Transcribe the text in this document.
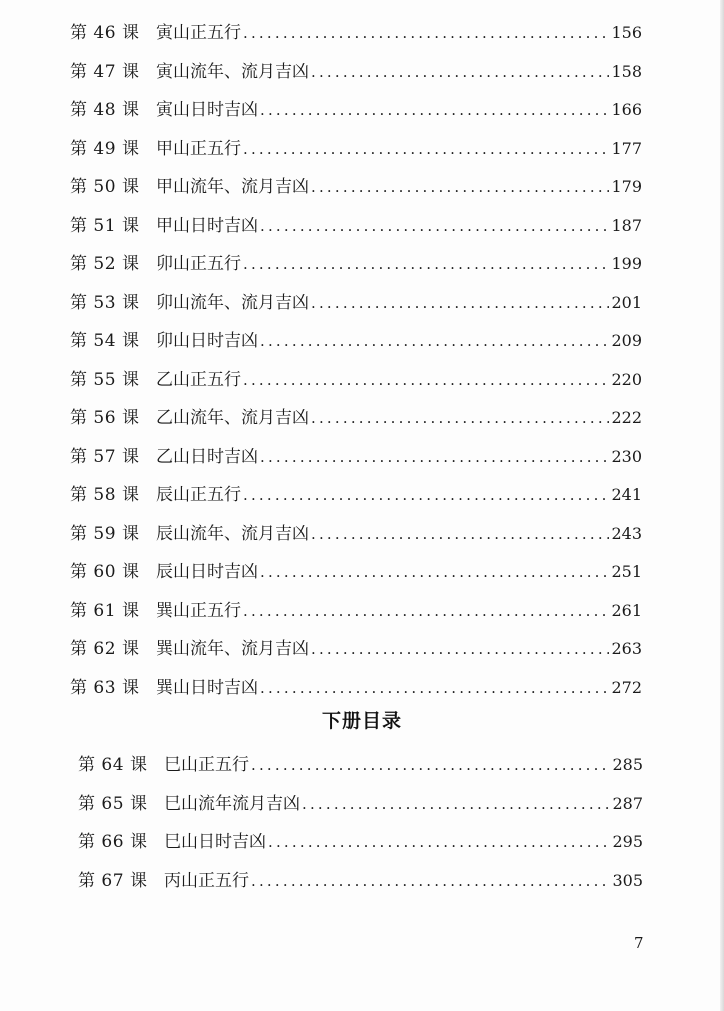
第 46 课 寅山正五行 .....	156
第 47 课 寅山流年、流月吉凶 .....	158
第 48 课 寅山日时吉凶 .....	166
第 49 课 甲山正五行 .....	177
第 50 课 甲山流年、流月吉凶 .....	179
第 51 课 甲山日时吉凶 .....	187
第 52 课 卯山正五行 .....	199
第 53 课 卯山流年、流月吉凶 .....	201
第 54 课 卯山日时吉凶 .....	209
第 55 课 乙山正五行 .....	220
第 56 课 乙山流年、流月吉凶 .....	222
第 57 课 乙山日时吉凶 .....	230
第 58 课 辰山正五行 .....	241
第 59 课 辰山流年、流月吉凶 .....	243
第 60 课 辰山日时吉凶 .....	251
第 61 课 巽山正五行 .....	261
第 62 课 巽山流年、流月吉凶 .....	263
第 63 课 巽山日时吉凶 .....	272
下册目录
第 64 课 巳山正五行 .....	285
第 65 课 巳山流年流月吉凶 .....	287
第 66 课 巳山日时吉凶 .....	295
第 67 课 丙山正五行 .....	305
7
